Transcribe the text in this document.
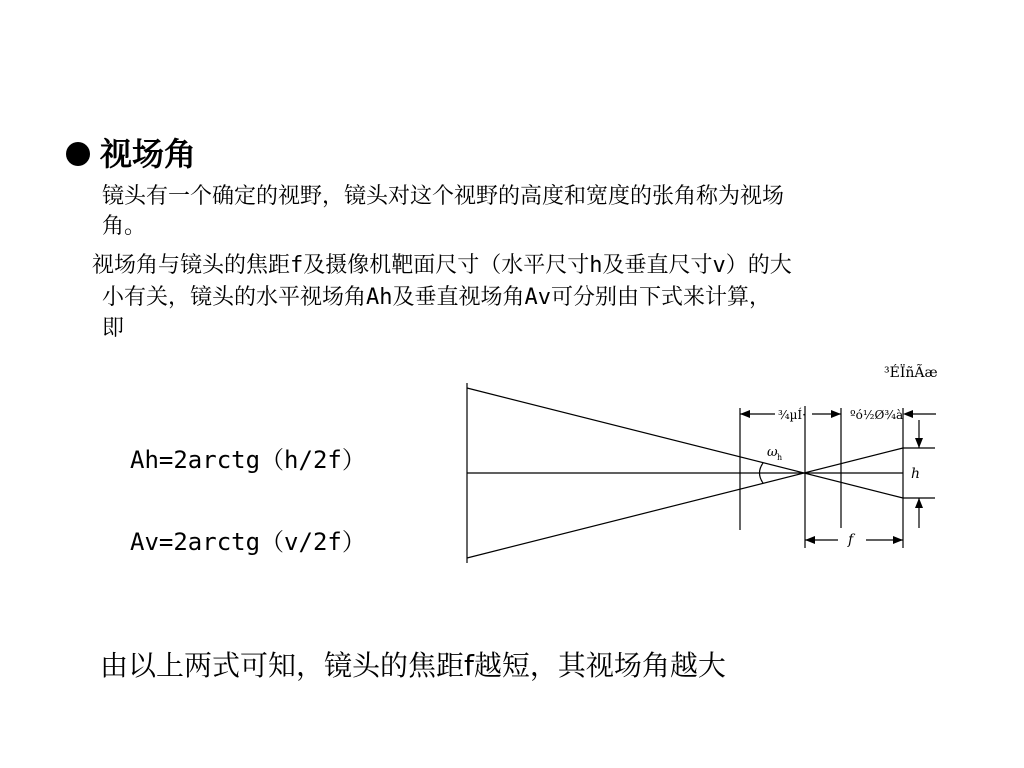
视场角
镜头有一个确定的视野，镜头对这个视野的高度和宽度的张角称为视场
角。
视场角与镜头的焦距f及摄像机靶面尺寸（水平尺寸h及垂直尺寸v）的大
小有关，镜头的水平视场角Ah及垂直视场角Av可分别由下式来计算，
即
Ah=2arctg（h/2f）
Av=2arctg（v/2f）
³ÉÏñÃæ
¾µÍ·	ºó½Ø¾à
ω h
h
f
由以上两式可知，镜头的焦距f越短，其视场角越大
